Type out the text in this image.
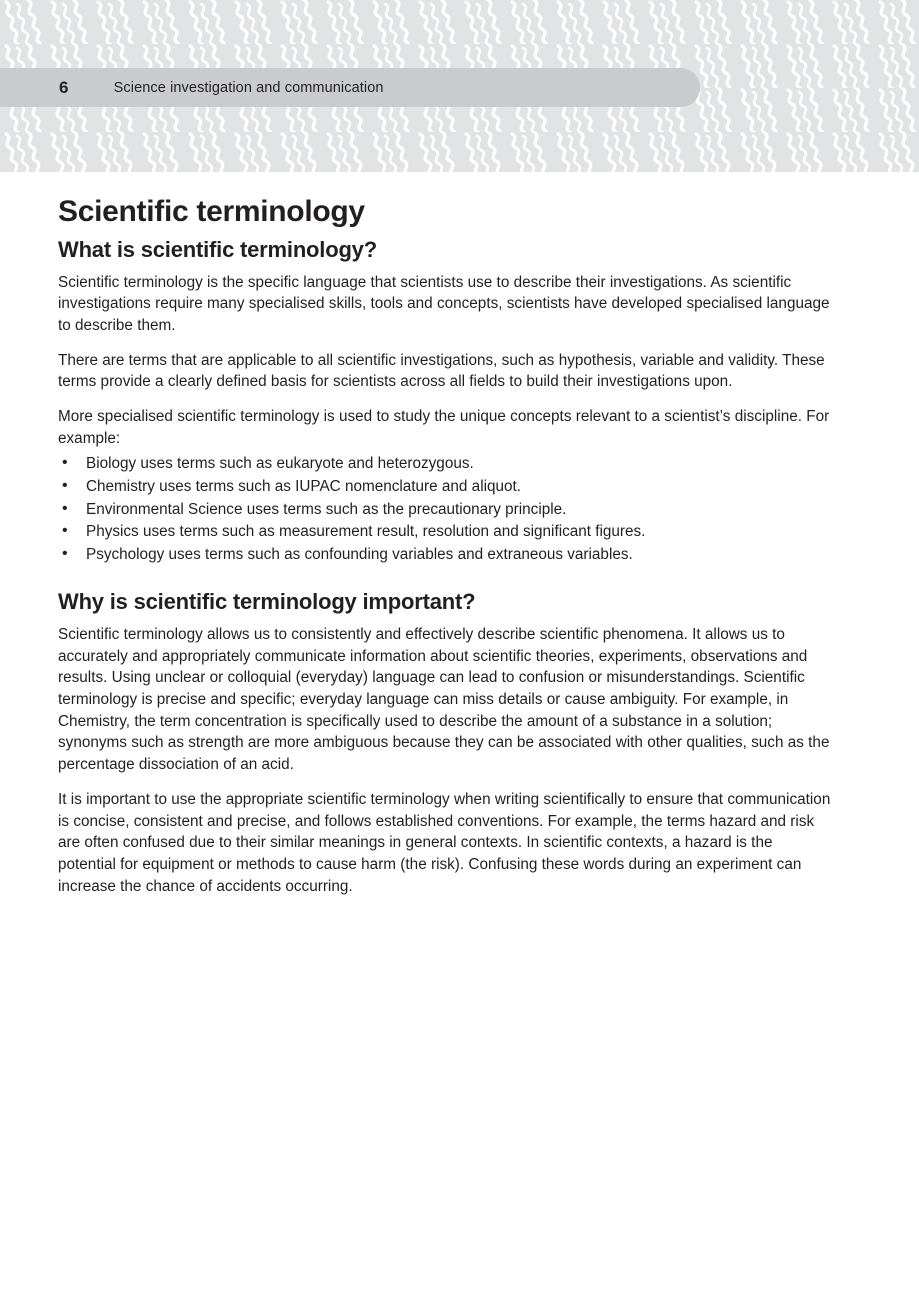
6	Science investigation and communication
Scientific terminology
What is scientific terminology?

Scientific terminology is the specific language that scientists use to describe their investigations. As scientific investigations require many specialised skills, tools and concepts, scientists have developed specialised language to describe them.

There are terms that are applicable to all scientific investigations, such as hypothesis, variable and validity. These terms provide a clearly defined basis for scientists across all fields to build their investigations upon.

More specialised scientific terminology is used to study the unique concepts relevant to a scientist’s discipline. For example:

• Biology uses terms such as eukaryote and heterozygous.
• Chemistry uses terms such as IUPAC nomenclature and aliquot.
• Environmental Science uses terms such as the precautionary principle.
• Physics uses terms such as measurement result, resolution and significant figures.
• Psychology uses terms such as confounding variables and extraneous variables.
Why is scientific terminology important?

Scientific terminology allows us to consistently and effectively describe scientific phenomena. It allows us to accurately and appropriately communicate information about scientific theories, experiments, observations and results. Using unclear or colloquial (everyday) language can lead to confusion or misunderstandings. Scientific terminology is precise and specific; everyday language can miss details or cause ambiguity. For example, in Chemistry, the term concentration is specifically used to describe the amount of a substance in a solution; synonyms such as strength are more ambiguous because they can be associated with other qualities, such as the percentage dissociation of an acid.

It is important to use the appropriate scientific terminology when writing scientifically to ensure that communication is concise, consistent and precise, and follows established conventions. For example, the terms hazard and risk are often confused due to their similar meanings in general contexts. In scientific contexts, a hazard is the potential for equipment or methods to cause harm (the risk). Confusing these words during an experiment can increase the chance of accidents occurring.
